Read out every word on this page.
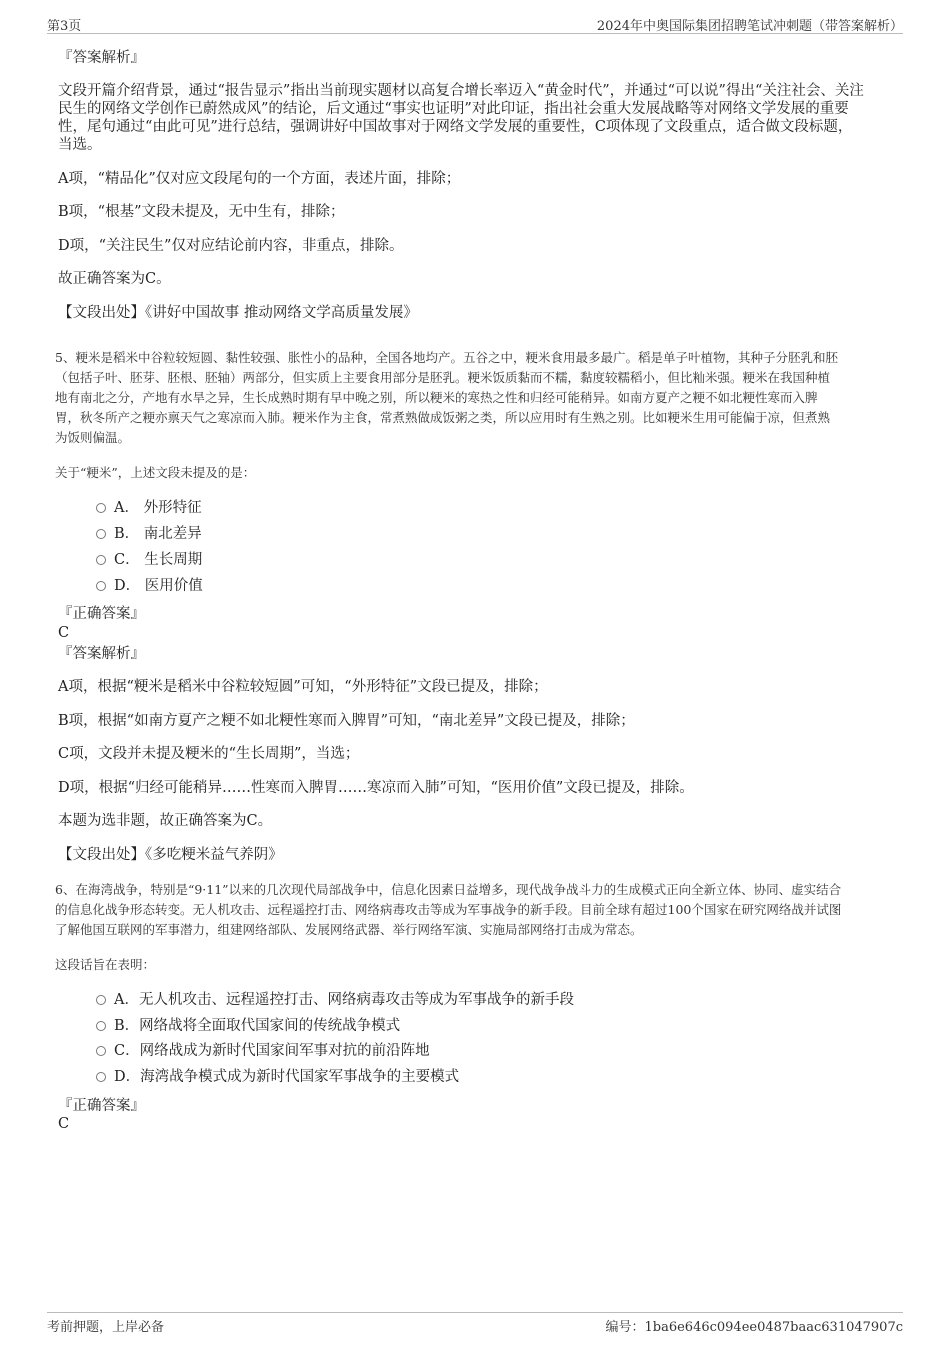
第3页	2024年中奥国际集团招聘笔试冲刺题（带答案解析）
『答案解析』
文段开篇介绍背景，通过“报告显示”指出当前现实题材以高复合增长率迈入“黄金时代”，并通过“可以说”得出“关注社会、关注
民生的网络文学创作已蔚然成风”的结论，后文通过“事实也证明”对此印证，指出社会重大发展战略等对网络文学发展的重要
性，尾句通过“由此可见”进行总结，强调讲好中国故事对于网络文学发展的重要性，C项体现了文段重点，适合做文段标题，
当选。
A项，“精品化”仅对应文段尾句的一个方面，表述片面，排除；
B项，“根基”文段未提及，无中生有，排除；
D项，“关注民生”仅对应结论前内容，非重点，排除。
故正确答案为C。
【文段出处】《讲好中国故事 推动网络文学高质量发展》
5、粳米是稻米中谷粒较短圆、黏性较强、胀性小的品种，全国各地均产。五谷之中，粳米食用最多最广。稻是单子叶植物，其种子分胚乳和胚
（包括子叶、胚芽、胚根、胚轴）两部分，但实质上主要食用部分是胚乳。粳米饭质黏而不糯，黏度较糯稻小，但比籼米强。粳米在我国种植
地有南北之分，产地有水旱之异，生长成熟时期有早中晚之别，所以粳米的寒热之性和归经可能稍异。如南方夏产之粳不如北粳性寒而入脾
胃，秋冬所产之粳亦禀天气之寒凉而入肺。粳米作为主食，常煮熟做成饭粥之类，所以应用时有生熟之别。比如粳米生用可能偏于凉，但煮熟
为饭则偏温。
关于“粳米”，上述文段未提及的是：
A． 外形特征
B． 南北差异
C． 生长周期
D． 医用价值
『正确答案』
C
『答案解析』
A项，根据“粳米是稻米中谷粒较短圆”可知，“外形特征”文段已提及，排除；
B项，根据“如南方夏产之粳不如北粳性寒而入脾胃”可知，“南北差异”文段已提及，排除；
C项，文段并未提及粳米的“生长周期”，当选；
D项，根据“归经可能稍异……性寒而入脾胃……寒凉而入肺”可知，“医用价值”文段已提及，排除。
本题为选非题，故正确答案为C。
【文段出处】《多吃粳米益气养阴》
6、在海湾战争，特别是“9·11”以来的几次现代局部战争中，信息化因素日益增多，现代战争战斗力的生成模式正向全新立体、协同、虚实结合
的信息化战争形态转变。无人机攻击、远程遥控打击、网络病毒攻击等成为军事战争的新手段。目前全球有超过100个国家在研究网络战并试图
了解他国互联网的军事潜力，组建网络部队、发展网络武器、举行网络军演、实施局部网络打击成为常态。
这段话旨在表明：
A．无人机攻击、远程遥控打击、网络病毒攻击等成为军事战争的新手段
B．网络战将全面取代国家间的传统战争模式
C．网络战成为新时代国家间军事对抗的前沿阵地
D．海湾战争模式成为新时代国家军事战争的主要模式
『正确答案』
C
考前押题，上岸必备	编号：1ba6e646c094ee0487baac631047907c
